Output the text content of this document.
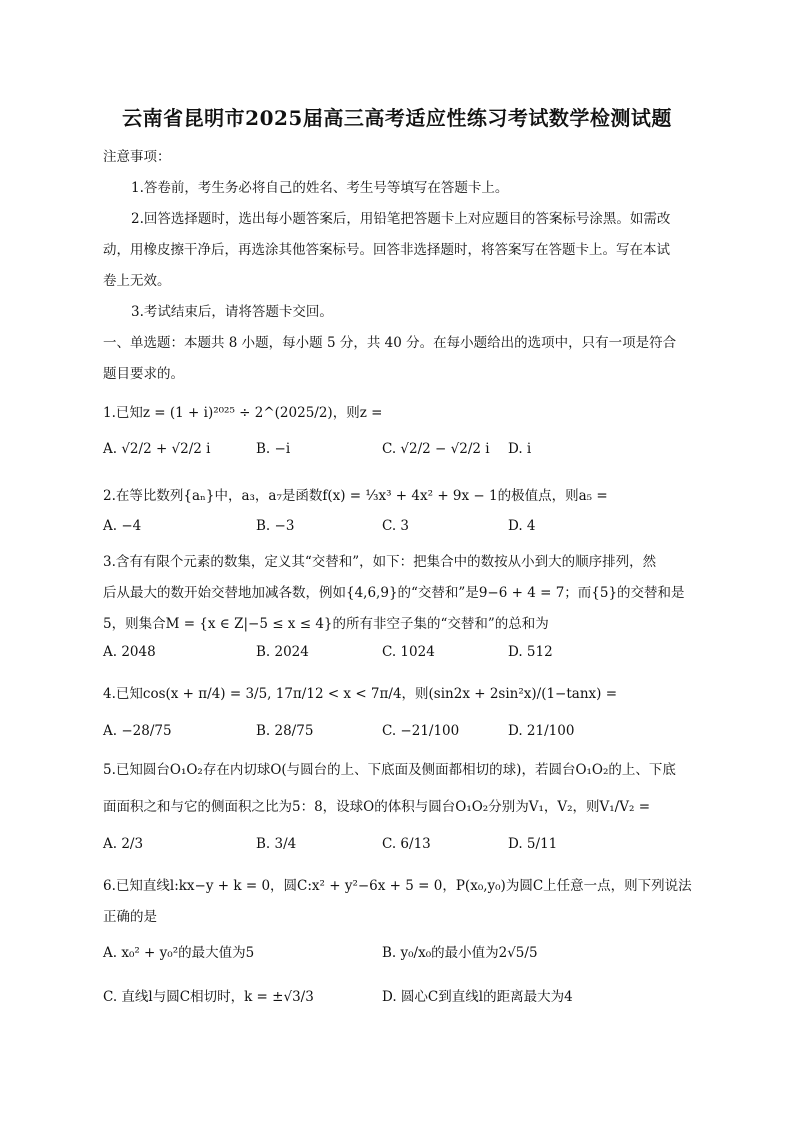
云南省昆明市2025届高三高考适应性练习考试数学检测试题
注意事项：
1.答卷前，考生务必将自己的姓名、考生号等填写在答题卡上。
2.回答选择题时，选出每小题答案后，用铅笔把答题卡上对应题目的答案标号涂黑。如需改
动，用橡皮擦干净后，再选涂其他答案标号。回答非选择题时，将答案写在答题卡上。写在本试
卷上无效。
3.考试结束后，请将答题卡交回。
一、单选题：本题共 8 小题，每小题 5 分，共 40 分。在每小题给出的选项中，只有一项是符合
题目要求的。
1.已知z = (1 + i)²⁰²⁵ ÷ 2^(2025/2)，则z =
A. √2/2 + √2/2 i	B. −i	C. √2/2 − √2/2 i D. i
2.在等比数列{aₙ}中，a₃，a₇是函数f(x) = ⅓x³ + 4x² + 9x − 1的极值点，则a₅ =
A. −4	B. −3	C. 3	D. 4
3.含有有限个元素的数集，定义其“交替和”，如下：把集合中的数按从小到大的顺序排列，然
后从最大的数开始交替地加减各数，例如{4,6,9}的“交替和”是9−6 + 4 = 7；而{5}的交替和是
5，则集合M = {x ∈ Z|−5 ≤ x ≤ 4}的所有非空子集的“交替和”的总和为
A. 2048	B. 2024	C. 1024	D. 512
4.已知cos(x + π/4) = 3/5, 17π/12 < x < 7π/4，则(sin2x + 2sin²x)/(1−tanx) =
A. −28/75	B. 28/75	C. −21/100	D. 21/100
5.已知圆台O₁O₂存在内切球O(与圆台的上、下底面及侧面都相切的球)，若圆台O₁O₂的上、下底
面面积之和与它的侧面积之比为5：8，设球O的体积与圆台O₁O₂分别为V₁，V₂，则V₁/V₂ =
A. 2/3	B. 3/4	C. 6/13	D. 5/11
6.已知直线l:kx−y + k = 0，圆C:x² + y²−6x + 5 = 0，P(x₀,y₀)为圆C上任意一点，则下列说法
正确的是
A. x₀² + y₀²的最大值为5	B. y₀/x₀的最小值为2√5/5
C. 直线l与圆C相切时，k = ±√3/3	D. 圆心C到直线l的距离最大为4
